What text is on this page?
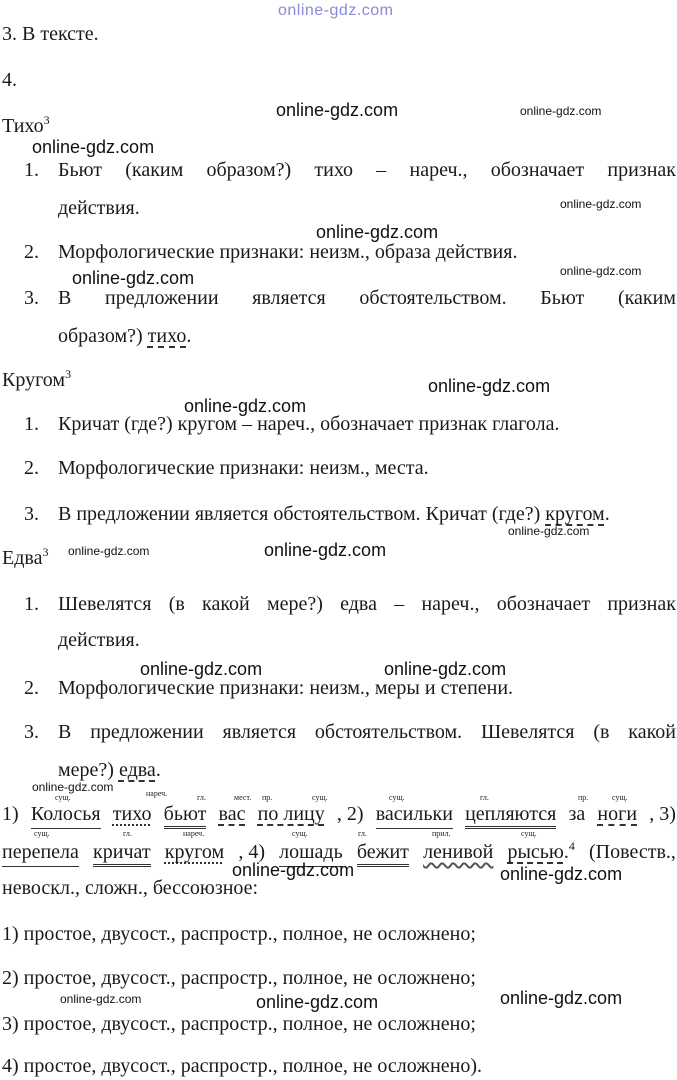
online-gdz.com
3. В тексте.
4.
Тихо$^3$
1. Бьют (каким образом?) тихо – нареч., обозначает признак
действия.
2. Морфологические признаки: неизм., образа действия.
3. В предложении является обстоятельством. Бьют (каким
образом?) тихо.
Кругом$^3$
1. Кричат (где?) кругом – нареч., обозначает признак глагола.
2. Морфологические признаки: неизм., места.
3. В предложении является обстоятельством. Кричат (где?) кругом.
Едва$^3$
1. Шевелятся (в какой мере?) едва – нареч., обозначает признак
действия.
2. Морфологические признаки: неизм., меры и степени.
3. В предложении является обстоятельством. Шевелятся (в какой
мере?) едва.
сущ.	нареч.	гл.	мест. пр.	сущ.	сущ.	гл.	пр.	сущ.
1) Колосья тихо бьют вас по лицу , 2) васильки цепляются за ноги , 3)
сущ.	гл.	нареч.	сущ.	гл.	прил.	сущ.
перепела кричат кругом , 4) лошадь бежит ленивой рысью.$^4$ (Повеств.,
невоскл., сложн., бессоюзное:
1) простое, двусост., распростр., полное, не осложнено;
2) простое, двусост., распростр., полное, не осложнено;
3) простое, двусост., распростр., полное, не осложнено;
4) простое, двусост., распростр., полное, не осложнено).
online-gdz.com	online-gdz.com
online-gdz.com
online-gdz.com
online-gdz.com
online-gdz.com
online-gdz.com
online-gdz.com
online-gdz.com
online-gdz.com
online-gdz.com	online-gdz.com
online-gdz.com	online-gdz.com
online-gdz.com
online-gdz.com	online-gdz.com
online-gdz.com	online-gdz.com	online-gdz.com
